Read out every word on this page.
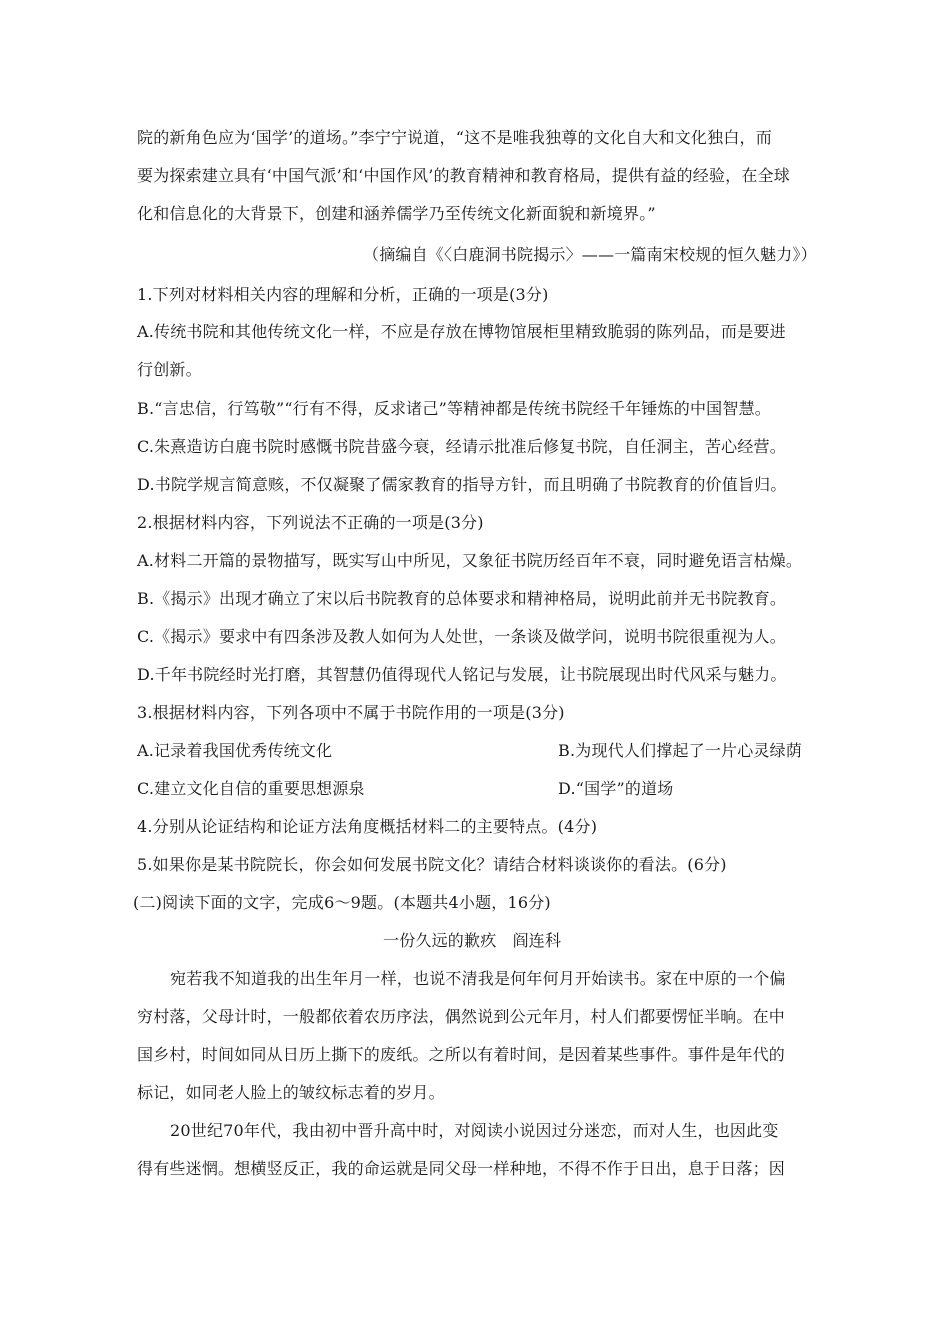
院的新角色应为‘国学’的道场。”李宁宁说道，“这不是唯我独尊的文化自大和文化独白，而
要为探索建立具有‘中国气派’和‘中国作风’的教育精神和教育格局，提供有益的经验，在全球
化和信息化的大背景下，创建和涵养儒学乃至传统文化新面貌和新境界。”
（摘编自《〈白鹿洞书院揭示〉——一篇南宋校规的恒久魅力》）
1.下列对材料相关内容的理解和分析，正确的一项是(3分)
A.传统书院和其他传统文化一样，不应是存放在博物馆展柜里精致脆弱的陈列品，而是要进
行创新。
B.“言忠信，行笃敬”“行有不得，反求诸己”等精神都是传统书院经千年锤炼的中国智慧。
C.朱熹造访白鹿书院时感慨书院昔盛今衰，经请示批准后修复书院，自任洞主，苦心经营。
D.书院学规言简意赅，不仅凝聚了儒家教育的指导方针，而且明确了书院教育的价值旨归。
2.根据材料内容，下列说法不正确的一项是(3分)
A.材料二开篇的景物描写，既实写山中所见，又象征书院历经百年不衰，同时避免语言枯燥。
B.《揭示》出现才确立了宋以后书院教育的总体要求和精神格局，说明此前并无书院教育。
C.《揭示》要求中有四条涉及教人如何为人处世，一条谈及做学问，说明书院很重视为人。
D.千年书院经时光打磨，其智慧仍值得现代人铭记与发展，让书院展现出时代风采与魅力。
3.根据材料内容，下列各项中不属于书院作用的一项是(3分)
A.记录着我国优秀传统文化	B.为现代人们撑起了一片心灵绿荫
C.建立文化自信的重要思想源泉	D.“国学”的道场
4.分别从论证结构和论证方法角度概括材料二的主要特点。(4分)
5.如果你是某书院院长，你会如何发展书院文化？请结合材料谈谈你的看法。(6分)
(二)阅读下面的文字，完成6～9题。(本题共4小题，16分)
一份久远的歉疚　阎连科
宛若我不知道我的出生年月一样，也说不清我是何年何月开始读书。家在中原的一个偏
穷村落，父母计时，一般都依着农历序法，偶然说到公元年月，村人们都要愣怔半晌。在中
国乡村，时间如同从日历上撕下的废纸。之所以有着时间，是因着某些事件。事件是年代的
标记，如同老人脸上的皱纹标志着的岁月。
20世纪70年代，我由初中晋升高中时，对阅读小说因过分迷恋，而对人生，也因此变
得有些迷惘。想横竖反正，我的命运就是同父母一样种地，不得不作于日出，息于日落；因
